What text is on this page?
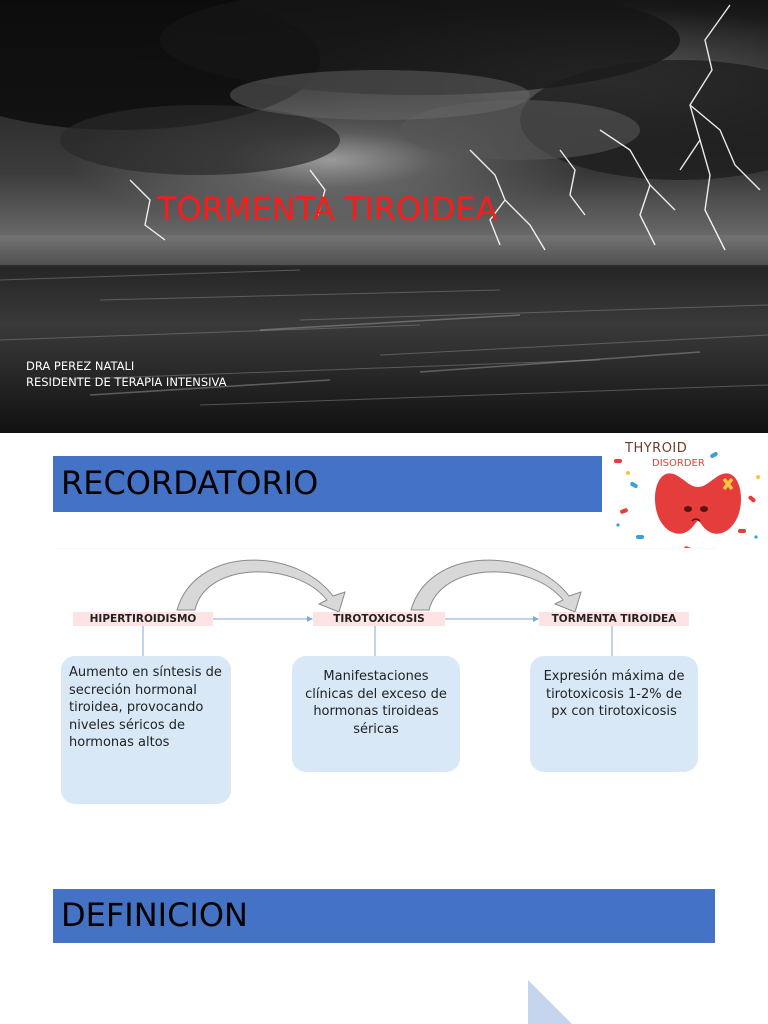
TORMENTA TIROIDEA
DRA PEREZ NATALI
RESIDENTE DE TERAPIA INTENSIVA
RECORDATORIO
THYROID
DISORDER
HIPERTIROIDISMO	TIROTOXICOSIS	TORMENTA TIROIDEA
Aumento en síntesis de secreción hormonal tiroidea, provocando niveles séricos de hormonas altos
Manifestaciones clínicas del exceso de hormonas tiroideas séricas
Expresión máxima de tirotoxicosis 1-2% de px con tirotoxicosis
DEFINICION
